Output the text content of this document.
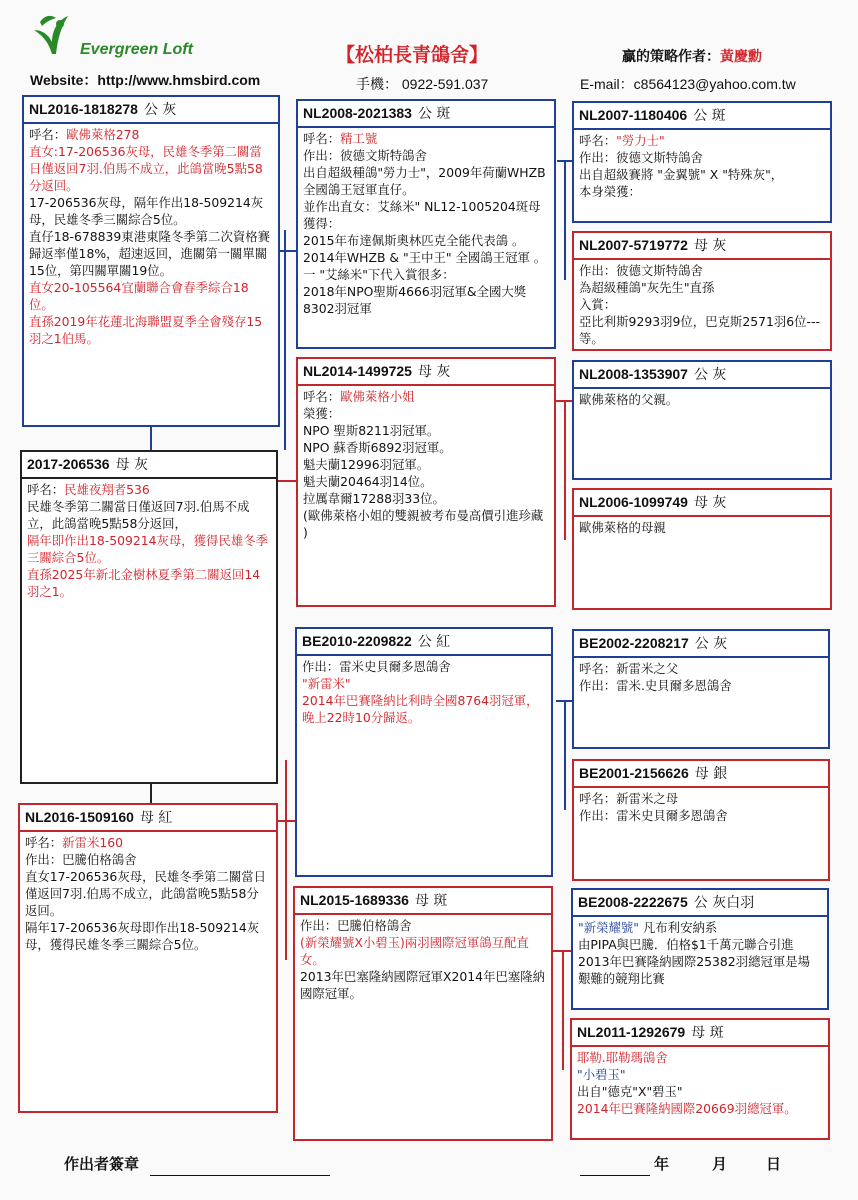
Evergreen Loft
Website：http://www.hmsbird.com
【松柏長青鴿舍】
手機： 0922-591.037
贏的策略作者：黃慶勳
E-mail：c8564123@yahoo.com.tw
NL2016-1818278 公 灰
呼名：歐佛萊格278
直女:17-206536灰母，民雄冬季第二關當日僅返回7羽.伯馬不成立，此鴿當晚5點58分返回。
17-206536灰母，隔年作出18-509214灰母，民雄冬季三關綜合5位。
直仔18-678839東港東隆冬季第二次資格賽歸返率僅18%，超速返回，進關第一關單關15位，第四關單關19位。
直女20-105564宜蘭聯合會春季綜合18位。
直孫2019年花蓮北海聯盟夏季全會殘存15羽之1伯馬。

2017-206536 母 灰
呼名：民雄夜翔者536
民雄冬季第二關當日僅返回7羽.伯馬不成立，此鴿當晚5點58分返回，
隔年即作出18-509214灰母，獲得民雄冬季三關綜合5位。
直孫2025年新北金樹林夏季第二關返回14羽之1。

NL2016-1509160 母 紅
呼名：新雷米160
作出：巴騰伯格鴿舍
直女17-206536灰母，民雄冬季第二關當日僅返回7羽.伯馬不成立，此鴿當晚5點58分返回。
隔年17-206536灰母即作出18-509214灰母，獲得民雄冬季三關綜合5位。

NL2008-2021383 公 斑
呼名：精工號
作出：彼德文斯特鴿舍
出自超級種鴿"勞力士"，2009年荷蘭WHZB全國鴿王冠軍直仔。
並作出直女：艾絲米" NL12-1005204斑母 獲得：
2015年布達佩斯奧林匹克全能代表鴿 。
2014年WHZB & "王中王" 全國鴿王冠軍 。
一 "艾絲米"下代入賞很多：
2018年NPO聖斯4666羽冠軍&全國大獎8302羽冠軍

NL2014-1499725 母 灰
呼名：歐佛萊格小姐
榮獲：
NPO 聖斯8211羽冠軍。
NPO 蘇香斯6892羽冠軍。
魁夫蘭12996羽冠軍。
魁夫蘭20464羽14位。
拉厲韋爾17288羽33位。
(歐佛萊格小姐的雙親被考布曼高價引進珍藏 )

BE2010-2209822 公 紅
作出：雷米史貝爾多恩鴿舍
"新雷米"
2014年巴賽隆納比利時全國8764羽冠軍，晚上22時10分歸返。

NL2015-1689336 母 斑
作出：巴騰伯格鴿舍
(新榮耀號X小碧玉)兩羽國際冠軍鴿互配直女。
2013年巴塞隆納國際冠軍X2014年巴塞隆納國際冠軍。

NL2007-1180406 公 斑
呼名："勞力士"
作出：彼德文斯特鴿舍
出自超級賽將 "金翼號" X "特殊灰"，
本身榮獲：

NL2007-5719772 母 灰
作出：彼德文斯特鴿舍
為超級種鴿"灰先生"直孫
入賞：
亞比利斯9293羽9位，巴克斯2571羽6位---等。

NL2008-1353907 公 灰
歐佛萊格的父親。

NL2006-1099749 母 灰
歐佛萊格的母親

BE2002-2208217 公 灰
呼名：新雷米之父
作出：雷米.史貝爾多恩鴿舍

BE2001-2156626 母 銀
呼名：新雷米之母
作出：雷米史貝爾多恩鴿舍

BE2008-2222675 公 灰白羽
"新榮耀號" 凡布利安納系
由PIPA與巴騰．伯格$1千萬元聯合引進
2013年巴賽隆納國際25382羽總冠軍是場艱難的競翔比賽

NL2011-1292679 母 斑
耶勒.耶勒瑪鴿舍
"小碧玉"
出自"德克"X"碧玉"
2014年巴賽隆納國際20669羽總冠軍。

作出者簽章	年	月	日
